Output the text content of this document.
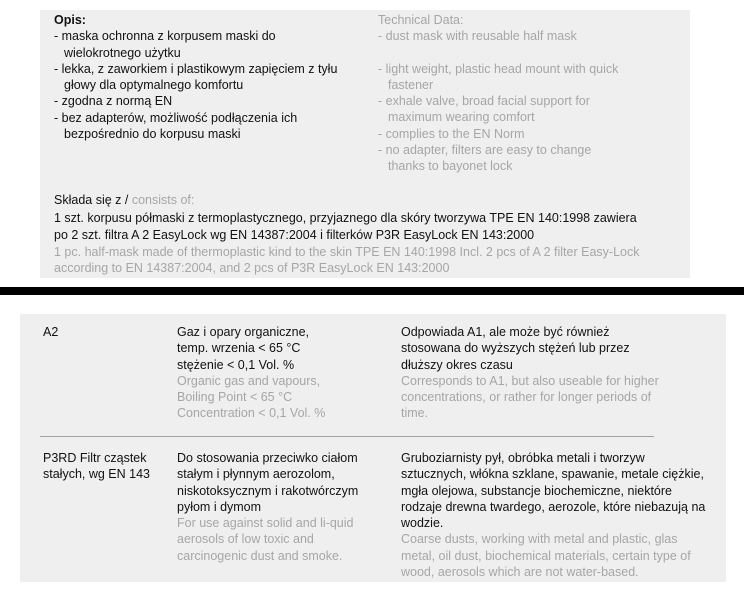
Opis:
- maska ochronna z korpusem maski do wielokrotnego użytku
- lekka, z zaworkiem i plastikowym zapięciem z tyłu głowy dla optymalnego komfortu
- zgodna z normą EN
- bez adapterów, możliwość podłączenia ich bezpośrednio do korpusu maski
Technical Data:
- dust mask with reusable half mask
- light weight, plastic head mount with quick fastener
- exhale valve, broad facial support for maximum wearing comfort
- complies to the EN Norm
- no adapter, filters are easy to change thanks to bayonet lock
Składa się z / consists of:
1 szt. korpusu półmaski z termoplastycznego, przyjaznego dla skóry tworzywa TPE EN 140:1998 zawiera po 2 szt. filtra A 2 EasyLock wg EN 14387:2004 i filterków P3R EasyLock EN 143:2000
1 pc. half-mask made of thermoplastic kind to the skin TPE EN 140:1998 Incl. 2 pcs of A 2 filter Easy-Lock according to EN 14387:2004, and 2 pcs of P3R EasyLock EN 143:2000
A2	Gaz i opary organiczne,
temp. wrzenia < 65 °C
stężenie < 0,1 Vol. %
Organic gas and vapours,
Boiling Point < 65 °C
Concentration < 0,1 Vol. %
Odpowiada A1, ale może być również stosowana do wyższych stężeń lub przez dłuższy okres czasu
Corresponds to A1, but also useable for higher concentrations, or rather for longer periods of time.
P3RD Filtr cząstek stałych, wg EN 143
Do stosowania przeciwko ciałom stałym i płynnym aerozolom, niskotoksycznym i rakotwórczym pyłom i dymom
For use against solid and li-quid aerosols of low toxic and carcinogenic dust and smoke.
Gruboziarnisty pył, obróbka metali i tworzyw sztucznych, włókna szklane, spawanie, metale ciężkie, mgła olejowa, substancje biochemiczne, niektóre rodzaje drewna twardego, aerozole, które niebazują na wodzie.
Coarse dusts, working with metal and plastic, glas metal, oil dust, biochemical materials, certain type of wood, aerosols which are not water-based.
